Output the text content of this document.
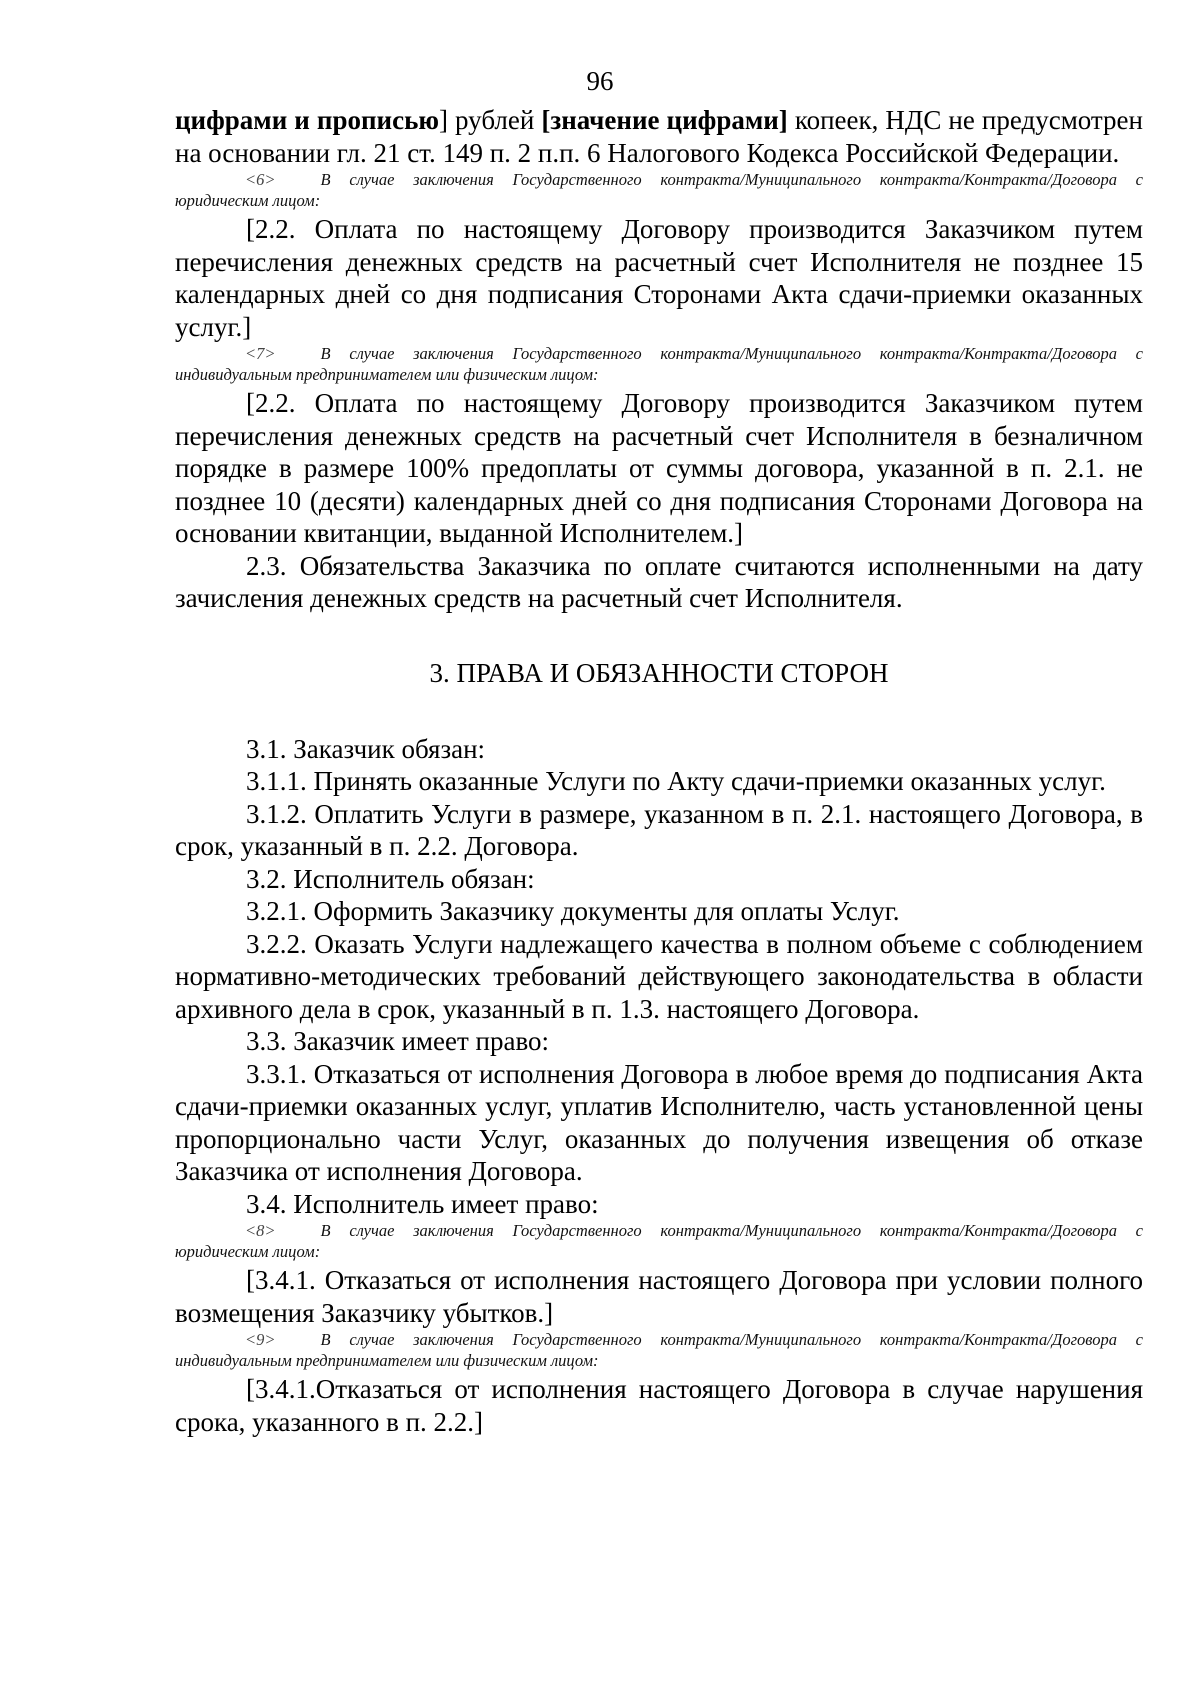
96

цифрами и прописью] рублей [значение цифрами] копеек, НДС не предусмотрен на основании гл. 21 ст. 149 п. 2 п.п. 6 Налогового Кодекса Российской Федерации.

<6>	В случае заключения Государственного контракта/Муниципального контракта/Контракта/Договора с юридическим лицом:

[2.2. Оплата по настоящему Договору производится Заказчиком путем перечисления денежных средств на расчетный счет Исполнителя не позднее 15 календарных дней со дня подписания Сторонами Акта сдачи-приемки оказанных услуг.]

<7>	В случае заключения Государственного контракта/Муниципального контракта/Контракта/Договора с индивидуальным предпринимателем или физическим лицом:

[2.2. Оплата по настоящему Договору производится Заказчиком путем перечисления денежных средств на расчетный счет Исполнителя в безналичном порядке в размере 100% предоплаты от суммы договора, указанной в п. 2.1. не позднее 10 (десяти) календарных дней со дня подписания Сторонами Договора на основании квитанции, выданной Исполнителем.]

2.3. Обязательства Заказчика по оплате считаются исполненными на дату зачисления денежных средств на расчетный счет Исполнителя.

3. ПРАВА И ОБЯЗАННОСТИ СТОРОН

3.1. Заказчик обязан:

3.1.1. Принять оказанные Услуги по Акту сдачи-приемки оказанных услуг.

3.1.2. Оплатить Услуги в размере, указанном в п. 2.1. настоящего Договора, в срок, указанный в п. 2.2. Договора.

3.2. Исполнитель обязан:

3.2.1. Оформить Заказчику документы для оплаты Услуг.

3.2.2. Оказать Услуги надлежащего качества в полном объеме с соблюдением нормативно-методических требований действующего законодательства в области архивного дела в срок, указанный в п. 1.3. настоящего Договора.

3.3. Заказчик имеет право:

3.3.1. Отказаться от исполнения Договора в любое время до подписания Акта сдачи-приемки оказанных услуг, уплатив Исполнителю, часть установленной цены пропорционально части Услуг, оказанных до получения извещения об отказе Заказчика от исполнения Договора.

3.4. Исполнитель имеет право:

<8>	В случае заключения Государственного контракта/Муниципального контракта/Контракта/Договора с юридическим лицом:

[3.4.1. Отказаться от исполнения настоящего Договора при условии полного возмещения Заказчику убытков.]

<9>	В случае заключения Государственного контракта/Муниципального контракта/Контракта/Договора с индивидуальным предпринимателем или физическим лицом:

[3.4.1.Отказаться от исполнения настоящего Договора в случае нарушения срока, указанного в п. 2.2.]
